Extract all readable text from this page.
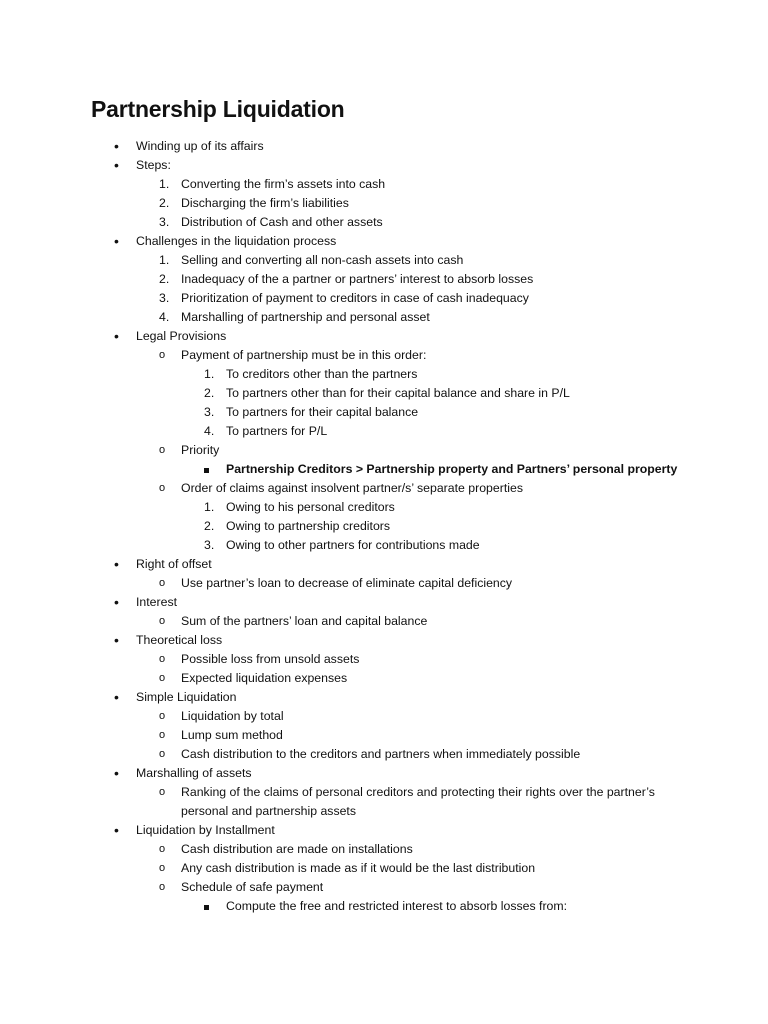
Partnership Liquidation
• Winding up of its affairs
• Steps:
1. Converting the firm’s assets into cash
2. Discharging the firm’s liabilities
3. Distribution of Cash and other assets
• Challenges in the liquidation process
1. Selling and converting all non-cash assets into cash
2. Inadequacy of the a partner or partners’ interest to absorb losses
3. Prioritization of payment to creditors in case of cash inadequacy
4. Marshalling of partnership and personal asset
• Legal Provisions
o Payment of partnership must be in this order:
1. To creditors other than the partners
2. To partners other than for their capital balance and share in P/L
3. To partners for their capital balance
4. To partners for P/L
o Priority
Partnership Creditors > Partnership property and Partners’ personal property
o Order of claims against insolvent partner/s’ separate properties
1. Owing to his personal creditors
2. Owing to partnership creditors
3. Owing to other partners for contributions made
• Right of offset
o Use partner’s loan to decrease of eliminate capital deficiency
• Interest
o Sum of the partners’ loan and capital balance
• Theoretical loss
o Possible loss from unsold assets
o Expected liquidation expenses
• Simple Liquidation
o Liquidation by total
o Lump sum method
o Cash distribution to the creditors and partners when immediately possible
• Marshalling of assets
o Ranking of the claims of personal creditors and protecting their rights over the partner’s
personal and partnership assets
• Liquidation by Installment
o Cash distribution are made on installations
o Any cash distribution is made as if it would be the last distribution
o Schedule of safe payment
Compute the free and restricted interest to absorb losses from:
